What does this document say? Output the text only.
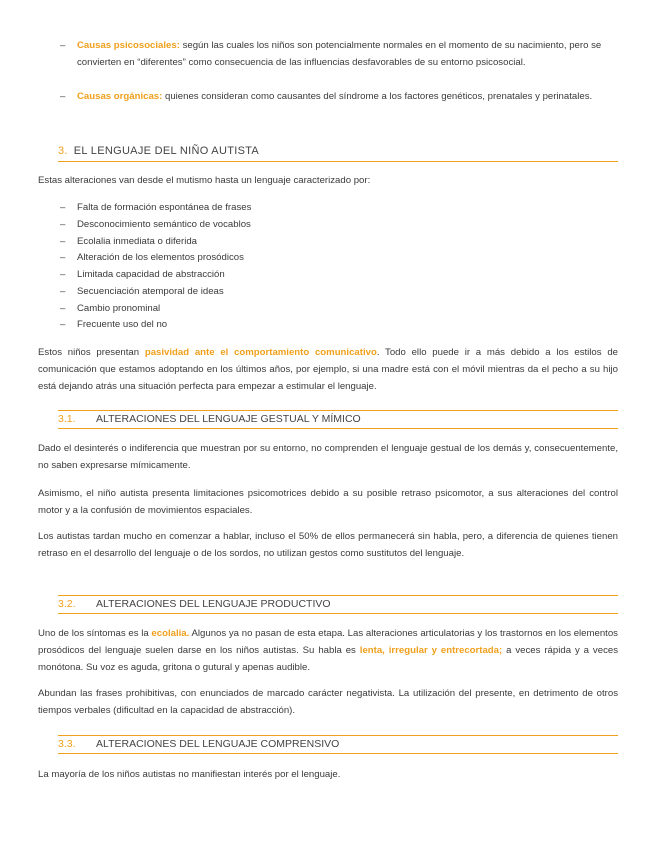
– Causas psicosociales: según las cuales los niños son potencialmente normales en el momento de su nacimiento, pero se convierten en “diferentes” como consecuencia de las influencias desfavorables de su entorno psicosocial.
– Causas orgánicas: quienes consideran como causantes del síndrome a los factores genéticos, prenatales y perinatales.
3. EL LENGUAJE DEL NIÑO AUTISTA
Estas alteraciones van desde el mutismo hasta un lenguaje caracterizado por:
– Falta de formación espontánea de frases
– Desconocimiento semántico de vocablos
– Ecolalia inmediata o diferida
– Alteración de los elementos prosódicos
– Limitada capacidad de abstracción
– Secuenciación atemporal de ideas
– Cambio pronominal
– Frecuente uso del no
Estos niños presentan pasividad ante el comportamiento comunicativo. Todo ello puede ir a más debido a los estilos de comunicación que estamos adoptando en los últimos años, por ejemplo, si una madre está con el móvil mientras da el pecho a su hijo está dejando atrás una situación perfecta para empezar a estimular el lenguaje.
3.1. ALTERACIONES DEL LENGUAJE GESTUAL Y MÍMICO
Dado el desinterés o indiferencia que muestran por su entorno, no comprenden el lenguaje gestual de los demás y, consecuentemente, no saben expresarse mímicamente.
Asimismo, el niño autista presenta limitaciones psicomotrices debido a su posible retraso psicomotor, a sus alteraciones del control motor y a la confusión de movimientos espaciales.
Los autistas tardan mucho en comenzar a hablar, incluso el 50% de ellos permanecerá sin habla, pero, a diferencia de quienes tienen retraso en el desarrollo del lenguaje o de los sordos, no utilizan gestos como sustitutos del lenguaje.
3.2. ALTERACIONES DEL LENGUAJE PRODUCTIVO
Uno de los síntomas es la ecolalia. Algunos ya no pasan de esta etapa. Las alteraciones articulatorias y los trastornos en los elementos prosódicos del lenguaje suelen darse en los niños autistas. Su habla es lenta, irregular y entrecortada; a veces rápida y a veces monótona. Su voz es aguda, gritona o gutural y apenas audible.
Abundan las frases prohibitivas, con enunciados de marcado carácter negativista. La utilización del presente, en detrimento de otros tiempos verbales (dificultad en la capacidad de abstracción).
3.3. ALTERACIONES DEL LENGUAJE COMPRENSIVO
La mayoría de los niños autistas no manifiestan interés por el lenguaje.
